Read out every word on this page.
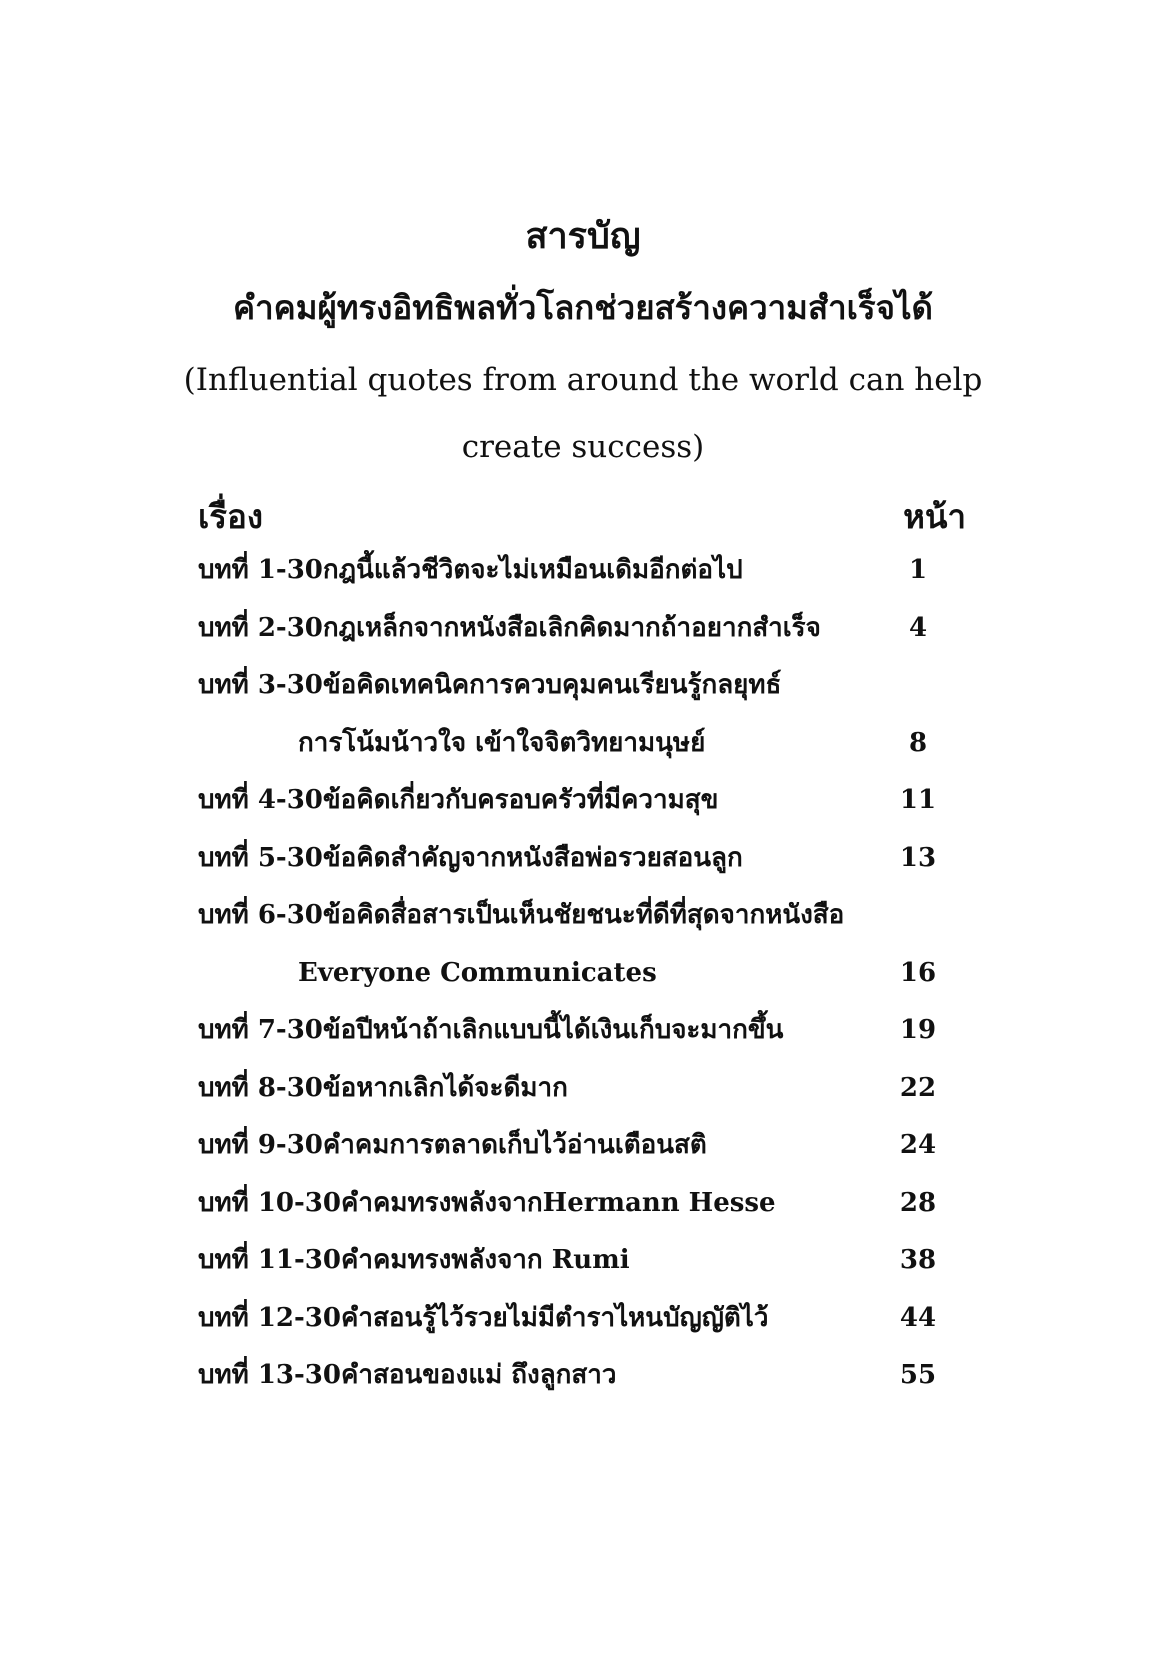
สารบัญ
คำคมผู้ทรงอิทธิพลทั่วโลกช่วยสร้างความสำเร็จได้
(Influential quotes from around the world can help
create success)
เรื่อง	หน้า
บทที่ 1-30กฎนี้แล้วชีวิตจะไม่เหมือนเดิมอีกต่อไป	1
บทที่ 2-30กฎเหล็กจากหนังสือเลิกคิดมากถ้าอยากสำเร็จ	4
บทที่ 3-30ข้อคิดเทคนิคการควบคุมคนเรียนรู้กลยุทธ์
การโน้มน้าวใจ เข้าใจจิตวิทยามนุษย์	8
บทที่ 4-30ข้อคิดเกี่ยวกับครอบครัวที่มีความสุข	11
บทที่ 5-30ข้อคิดสำคัญจากหนังสือพ่อรวยสอนลูก	13
บทที่ 6-30ข้อคิดสื่อสารเป็นเห็นชัยชนะที่ดีที่สุดจากหนังสือ
Everyone Communicates	16
บทที่ 7-30ข้อปีหน้าถ้าเลิกแบบนี้ได้เงินเก็บจะมากขึ้น	19
บทที่ 8-30ข้อหากเลิกได้จะดีมาก	22
บทที่ 9-30คำคมการตลาดเก็บไว้อ่านเตือนสติ	24
บทที่ 10-30คำคมทรงพลังจากHermann Hesse	28
บทที่ 11-30คำคมทรงพลังจาก Rumi	38
บทที่ 12-30คำสอนรู้ไว้รวยไม่มีตำราไหนบัญญัติไว้	44
บทที่ 13-30คำสอนของแม่ ถึงลูกสาว	55
